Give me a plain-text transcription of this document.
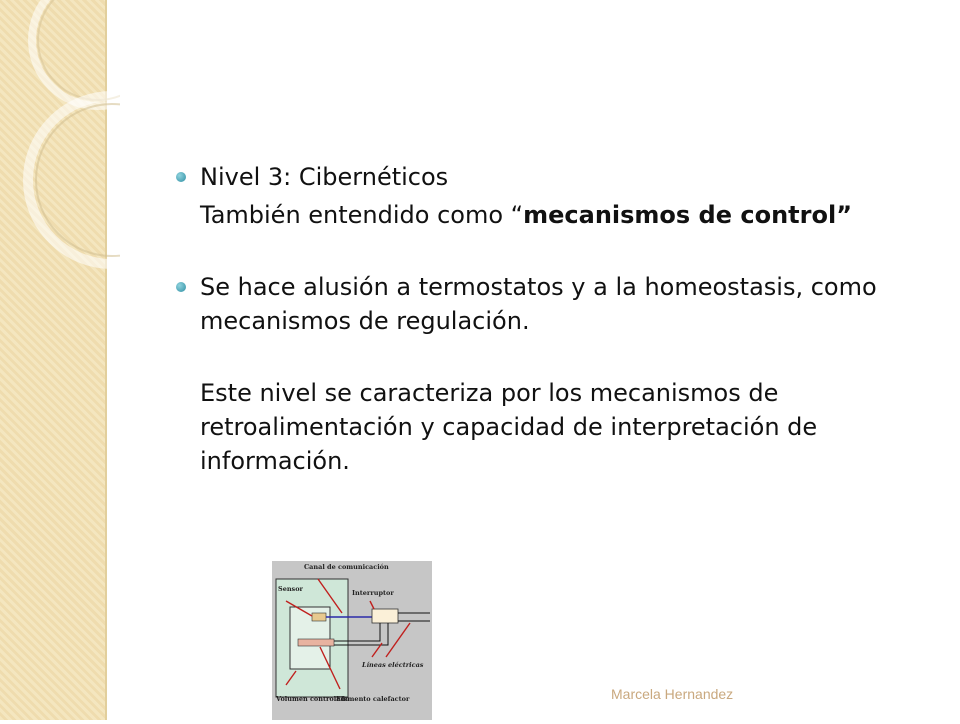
Nivel 3: Cibernéticos
También entendido como “mecanismos de control”
Se hace alusión a termostatos y a la homeostasis, como mecanismos de regulación.
Este nivel se caracteriza por los mecanismos de retroalimentación y capacidad de interpretación de información.
Canal de comunicación
Sensor	Interruptor
Líneas eléctricas
Volumen controlado
Elemento calefactor	Marcela Hernandez
